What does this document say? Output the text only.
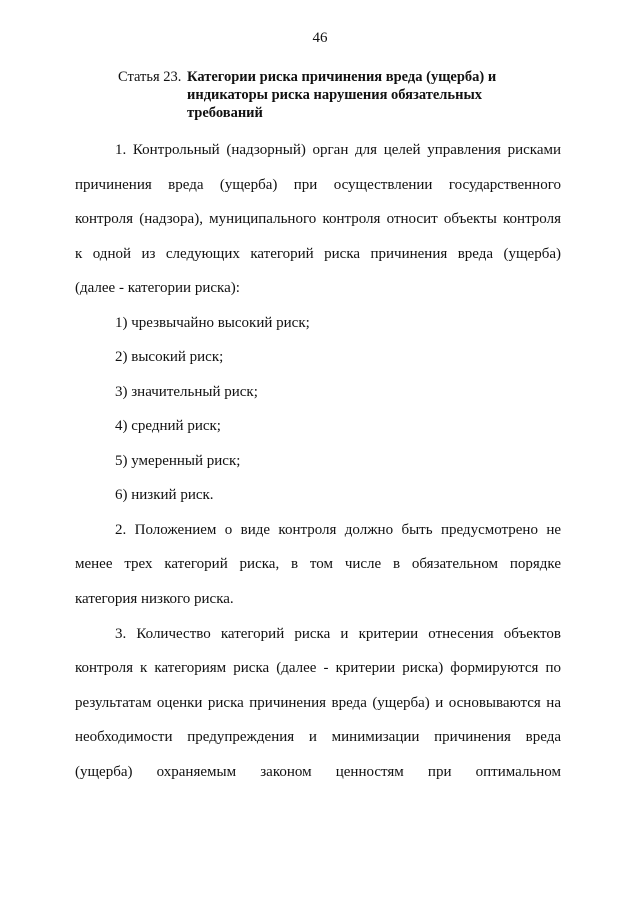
46
Статья 23. Категории риска причинения вреда (ущерба) и
индикаторы риска нарушения обязательных
требований
1. Контрольный (надзорный) орган для целей управления рисками
причинения вреда (ущерба) при осуществлении государственного
контроля (надзора), муниципального контроля относит объекты контроля
к одной из следующих категорий риска причинения вреда (ущерба)
(далее - категории риска):
1) чрезвычайно высокий риск;
2) высокий риск;
3) значительный риск;
4) средний риск;
5) умеренный риск;
6) низкий риск.
2. Положением о виде контроля должно быть предусмотрено не
менее трех категорий риска, в том числе в обязательном порядке
категория низкого риска.
3. Количество категорий риска и критерии отнесения объектов
контроля к категориям риска (далее - критерии риска) формируются по
результатам оценки риска причинения вреда (ущерба) и основываются на
необходимости предупреждения и минимизации причинения вреда
(ущерба) охраняемым законом ценностям при оптимальном
